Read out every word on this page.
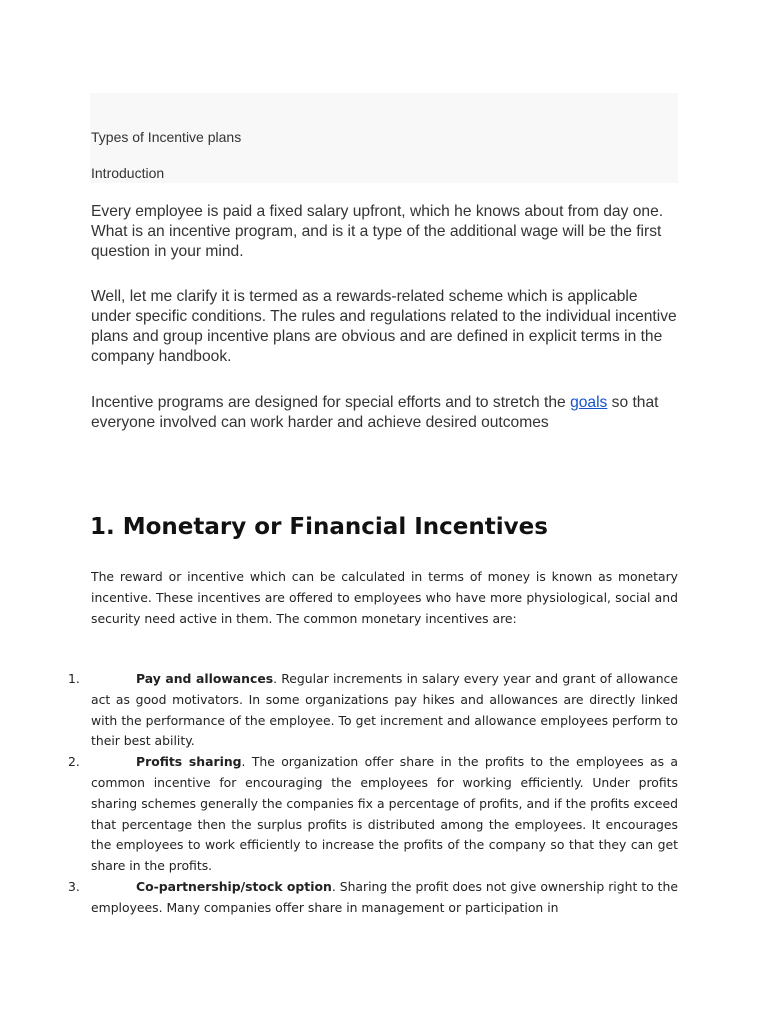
Types of Incentive plans
Introduction

Every employee is paid a fixed salary upfront, which he knows about from day one. What is an incentive program, and is it a type of the additional wage will be the first question in your mind.

Well, let me clarify it is termed as a rewards-related scheme which is applicable under specific conditions. The rules and regulations related to the individual incentive plans and group incentive plans are obvious and are defined in explicit terms in the company handbook.

Incentive programs are designed for special efforts and to stretch the goals so that everyone involved can work harder and achieve desired outcomes

1. Monetary or Financial Incentives

The reward or incentive which can be calculated in terms of money is known as monetary incentive. These incentives are offered to employees who have more physiological, social and security need active in them. The common monetary incentives are:

1.	Pay and allowances. Regular increments in salary every year and grant of allowance act as good motivators. In some organizations pay hikes and allowances are directly linked with the performance of the employee. To get increment and allowance employees perform to their best ability.

2.	Profits sharing. The organization offer share in the profits to the employees as a common incentive for encouraging the employees for working efficiently. Under profits sharing schemes generally the companies fix a percentage of profits, and if the profits exceed that percentage then the surplus profits is distributed among the employees. It encourages the employees to work efficiently to increase the profits of the company so that they can get share in the profits.

3.	Co-partnership/stock option. Sharing the profit does not give ownership right to the employees. Many companies offer share in management or participation in
